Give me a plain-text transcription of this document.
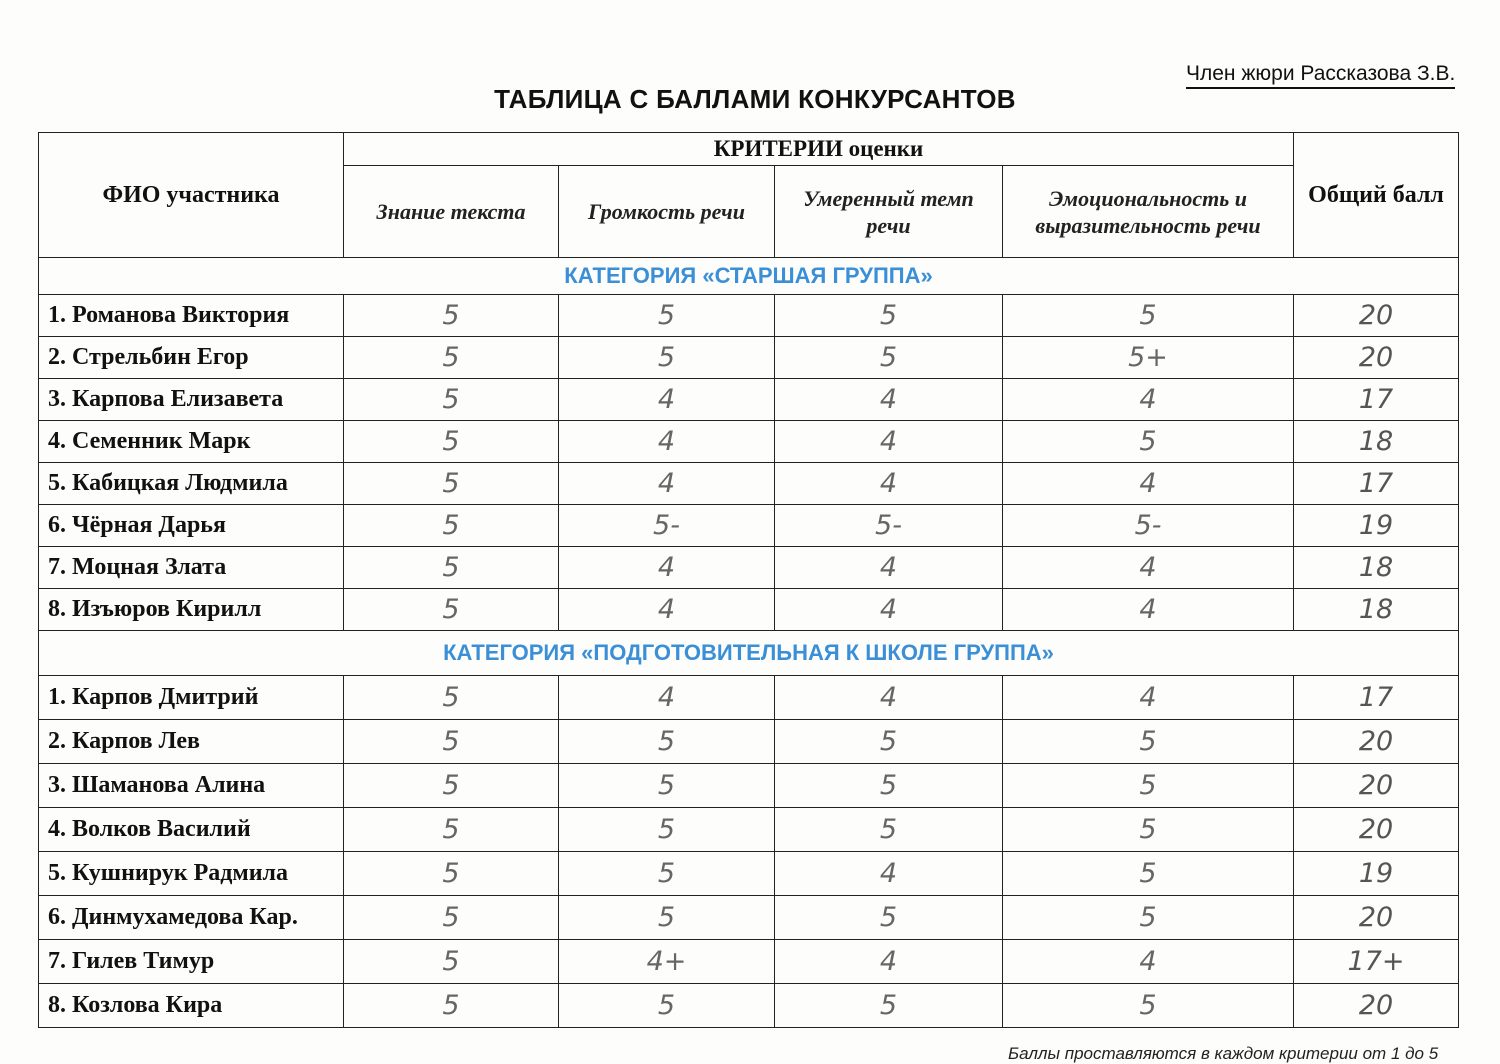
Член жюри Рассказова З.В.
ТАБЛИЦА С БАЛЛАМИ КОНКУРСАНТОВ
ФИО участника	КРИТЕРИИ оценки				Общий балл
	Знание текста	Громкость речи	Умеренный темп речи	Эмоциональность и выразительность речи	
КАТЕГОРИЯ «СТАРШАЯ ГРУППА»					
1. Романова Виктория	5	5	5	5	20
2. Стрельбин Егор	5	5	5	5+	20
3. Карпова Елизавета	5	4	4	4	17
4. Семенник Марк	5	4	4	5	18
5. Кабицкая Людмила	5	4	4	4	17
6. Чёрная Дарья	5	5-	5-	5-	19
7. Моцная Злата	5	4	4	4	18
8. Изъюров Кирилл	5	4	4	4	18
КАТЕГОРИЯ «ПОДГОТОВИТЕЛЬНАЯ К ШКОЛЕ ГРУППА»					
1. Карпов Дмитрий	5	4	4	4	17
2. Карпов Лев	5	5	5	5	20
3. Шаманова Алина	5	5	5	5	20
4. Волков Василий	5	5	5	5	20
5. Кушнирук Радмила	5	5	4	5	19
6. Динмухамедова Кар.	5	5	5	5	20
7. Гилев Тимур	5	4+	4	4	17+
8. Козлова Кира	5	5	5	5	20
Баллы проставляются в каждом критерии от 1 до 5
